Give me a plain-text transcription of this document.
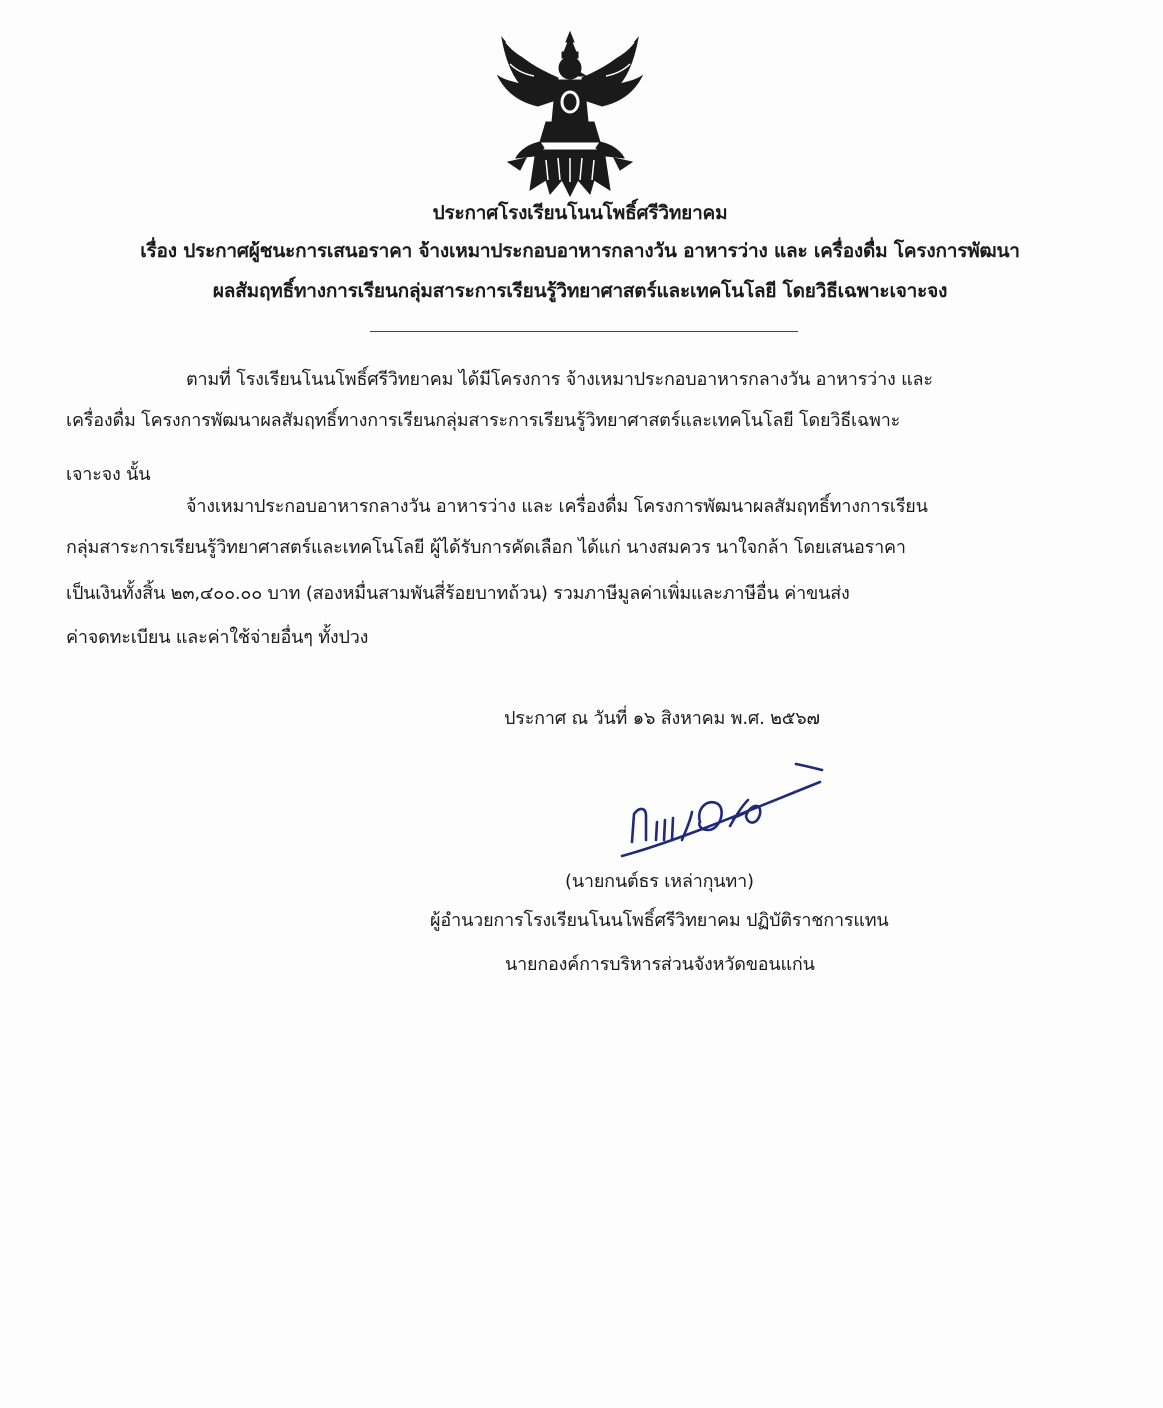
ประกาศโรงเรียนโนนโพธิ์ศรีวิทยาคม
เรื่อง ประกาศผู้ชนะการเสนอราคา จ้างเหมาประกอบอาหารกลางวัน อาหารว่าง และ เครื่องดื่ม โครงการพัฒนา
ผลสัมฤทธิ์ทางการเรียนกลุ่มสาระการเรียนรู้วิทยาศาสตร์และเทคโนโลยี โดยวิธีเฉพาะเจาะจง
ตามที่ โรงเรียนโนนโพธิ์ศรีวิทยาคม ได้มีโครงการ จ้างเหมาประกอบอาหารกลางวัน อาหารว่าง และ
เครื่องดื่ม โครงการพัฒนาผลสัมฤทธิ์ทางการเรียนกลุ่มสาระการเรียนรู้วิทยาศาสตร์และเทคโนโลยี โดยวิธีเฉพาะ
เจาะจง นั้น
จ้างเหมาประกอบอาหารกลางวัน อาหารว่าง และ เครื่องดื่ม โครงการพัฒนาผลสัมฤทธิ์ทางการเรียน
กลุ่มสาระการเรียนรู้วิทยาศาสตร์และเทคโนโลยี ผู้ได้รับการคัดเลือก ได้แก่ นางสมควร นาใจกล้า โดยเสนอราคา
เป็นเงินทั้งสิ้น ๒๓,๔๐๐.๐๐ บาท (สองหมื่นสามพันสี่ร้อยบาทถ้วน) รวมภาษีมูลค่าเพิ่มและภาษีอื่น ค่าขนส่ง
ค่าจดทะเบียน และค่าใช้จ่ายอื่นๆ ทั้งปวง
ประกาศ ณ วันที่ ๑๖ สิงหาคม พ.ศ. ๒๕๖๗
(นายกนต์ธร เหล่ากุนทา)
ผู้อำนวยการโรงเรียนโนนโพธิ์ศรีวิทยาคม ปฏิบัติราชการแทน
นายกองค์การบริหารส่วนจังหวัดขอนแก่น
